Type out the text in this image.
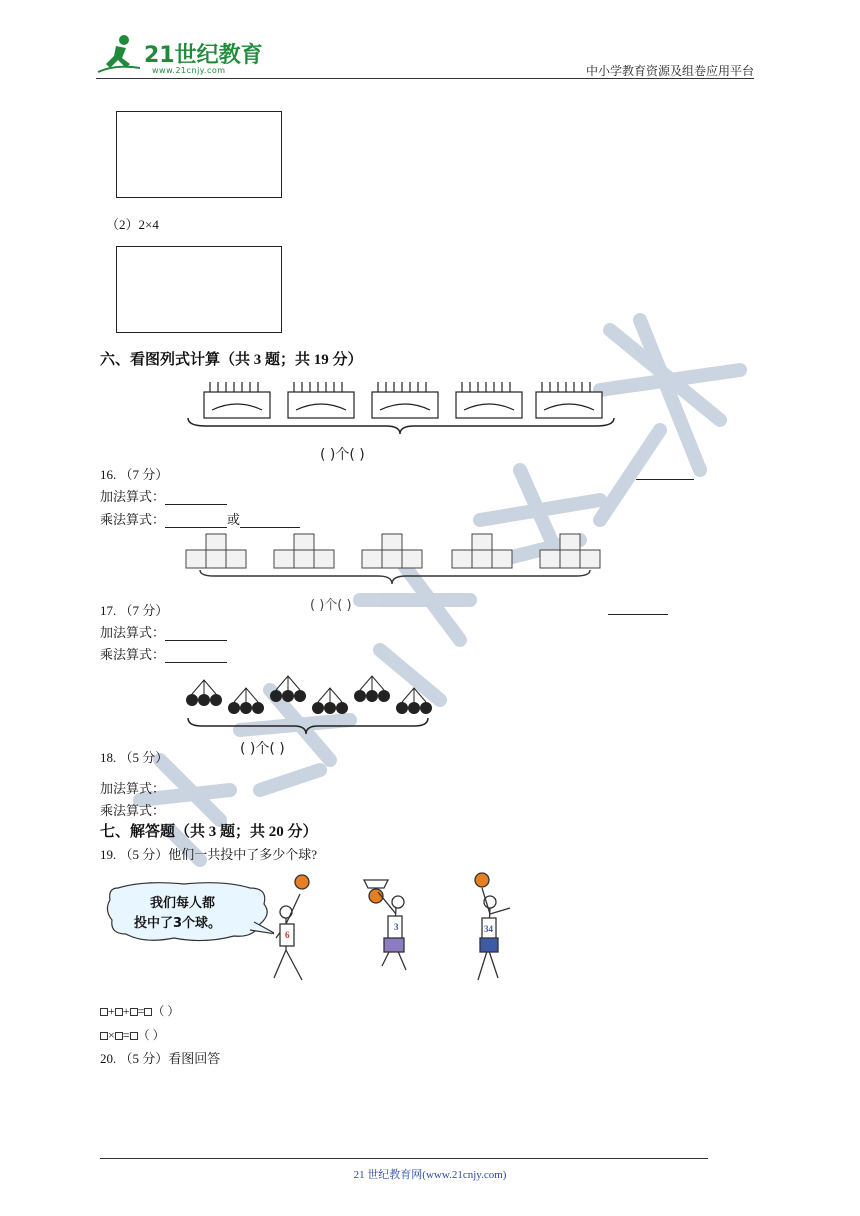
21世纪教育
www.21cnjy.com	中小学教育资源及组卷应用平台
（2）2×4
六、看图列式计算（共 3 题；共 19 分）
( )个( )
16. （7 分）
加法算式：
乘法算式：	或
( )个( )
17. （7 分）
加法算式：
乘法算式：
( )个( )
18. （5 分）
加法算式：
乘法算式：
七、解答题（共 3 题；共 20 分）
19. （5 分）他们一共投中了多少个球?
我们每人都
投中了3个球。
6
3	34
+ + = （ ）
× = （ ）
20. （5 分）看图回答
21 世纪教育网(www.21cnjy.com)
